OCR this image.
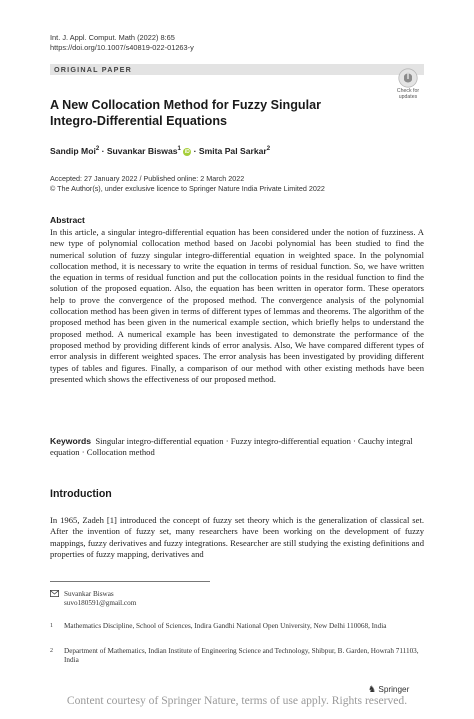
Int. J. Appl. Comput. Math (2022) 8:65
https://doi.org/10.1007/s40819-022-01263-y
ORIGINAL PAPER
Check for
updates
A New Collocation Method for Fuzzy Singular
Integro-Differential Equations
Sandip Moi$^2$ · Suvankar Biswas$^1$ iD · Smita Pal Sarkar$^2$
Accepted: 27 January 2022 / Published online: 2 March 2022
© The Author(s), under exclusive licence to Springer Nature India Private Limited 2022
Abstract
In this article, a singular integro-differential equation has been considered under the notion of fuzziness. A new type of polynomial collocation method based on Jacobi polynomial has been studied to find the numerical solution of fuzzy singular integro-differential equation in weighted space. In the polynomial collocation method, it is necessary to write the equation in terms of residual function. So, we have written the equation in terms of residual function and put the collocation points in the residual function to find the solution of the proposed equation. Also, the equation has been written in operator form. These operators help to prove the convergence of the proposed method. The convergence analysis of the polynomial collocation method has been given in terms of different types of lemmas and theorems. The algorithm of the proposed method has been given in the numerical example section, which briefly helps to understand the proposed method. A numerical example has been investigated to demonstrate the performance of the proposed method by providing different kinds of error analysis. Also, We have compared different types of error analysis in different weighted spaces. The error analysis has been investigated by providing different types of tables and figures. Finally, a comparison of our method with other existing methods have been presented which shows the effectiveness of our proposed method.
Keywords Singular integro-differential equation · Fuzzy integro-differential equation · Cauchy integral equation · Collocation method
Introduction
In 1965, Zadeh [1] introduced the concept of fuzzy set theory which is the generalization of classical set. After the invention of fuzzy set, many researchers have been working on the development of fuzzy mappings, fuzzy derivatives and fuzzy integrations. Researcher are still studying the existing definitions and properties of fuzzy mapping, derivatives and
Suvankar Biswas
suvo180591@gmail.com
1 Mathematics Discipline, School of Sciences, Indira Gandhi National Open University, New Delhi 110068, India
2 Department of Mathematics, Indian Institute of Engineering Science and Technology, Shibpur, B. Garden, Howrah 711103, India
♞ Springer
Content courtesy of Springer Nature, terms of use apply. Rights reserved.
